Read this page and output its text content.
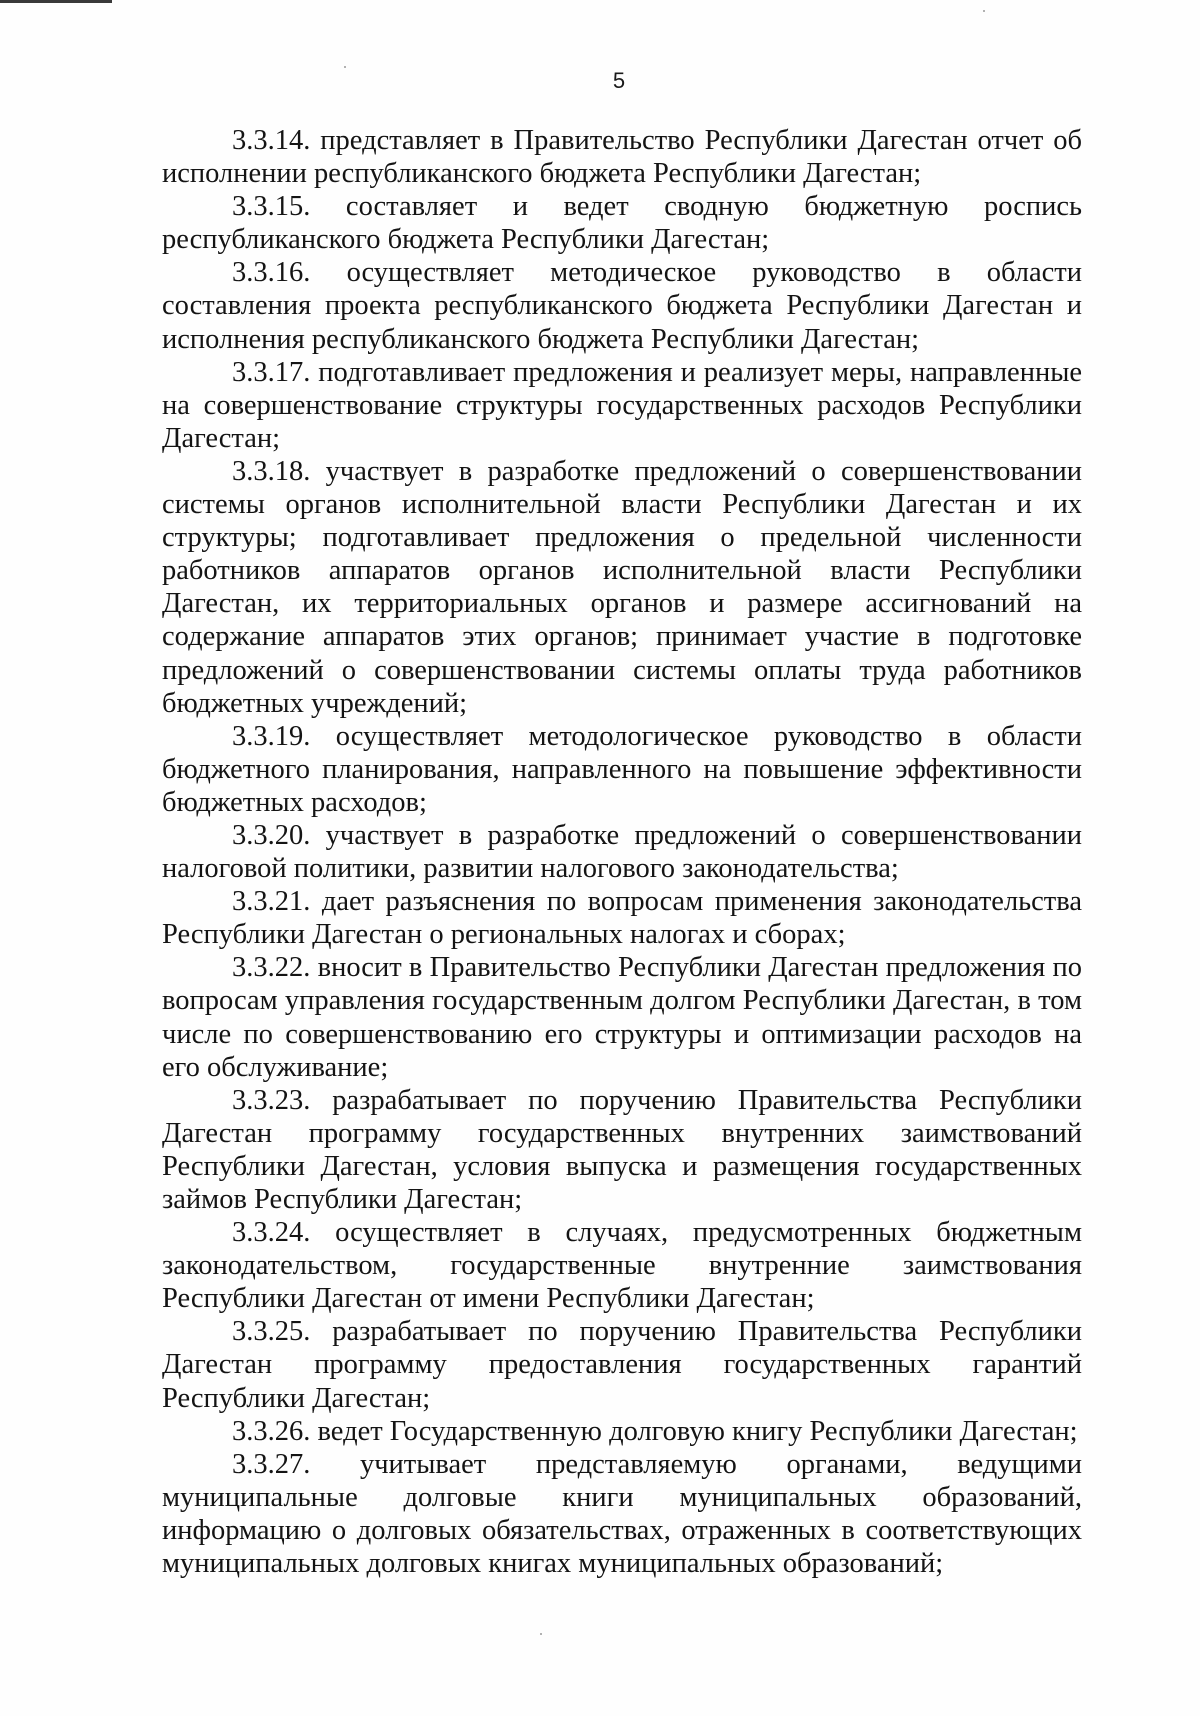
5

3.3.14. представляет в Правительство Республики Дагестан отчет об исполнении республиканского бюджета Республики Дагестан;

3.3.15. составляет и ведет сводную бюджетную роспись республиканского бюджета Республики Дагестан;

3.3.16. осуществляет методическое руководство в области составления проекта республиканского бюджета Республики Дагестан и исполнения республиканского бюджета Республики Дагестан;

3.3.17. подготавливает предложения и реализует меры, направленные на совершенствование структуры государственных расходов Республики Дагестан;

3.3.18. участвует в разработке предложений о совершенствовании системы органов исполнительной власти Республики Дагестан и их структуры; подготавливает предложения о предельной численности работников аппаратов органов исполнительной власти Республики Дагестан, их территориальных органов и размере ассигнований на содержание аппаратов этих органов; принимает участие в подготовке предложений о совершенствовании системы оплаты труда работников бюджетных учреждений;

3.3.19. осуществляет методологическое руководство в области бюджетного планирования, направленного на повышение эффективности бюджетных расходов;

3.3.20. участвует в разработке предложений о совершенствовании налоговой политики, развитии налогового законодательства;

3.3.21. дает разъяснения по вопросам применения законодательства Республики Дагестан о региональных налогах и сборах;

3.3.22. вносит в Правительство Республики Дагестан предложения по вопросам управления государственным долгом Республики Дагестан, в том числе по совершенствованию его структуры и оптимизации расходов на его обслуживание;

3.3.23. разрабатывает по поручению Правительства Республики Дагестан программу государственных внутренних заимствований Республики Дагестан, условия выпуска и размещения государственных займов Республики Дагестан;

3.3.24. осуществляет в случаях, предусмотренных бюджетным законодательством, государственные внутренние заимствования Республики Дагестан от имени Республики Дагестан;

3.3.25. разрабатывает по поручению Правительства Республики Дагестан программу предоставления государственных гарантий Республики Дагестан;

3.3.26. ведет Государственную долговую книгу Республики Дагестан;

3.3.27. учитывает представляемую органами, ведущими муниципальные долговые книги муниципальных образований, информацию о долговых обязательствах, отраженных в соответствующих муниципальных долговых книгах муниципальных образований;
